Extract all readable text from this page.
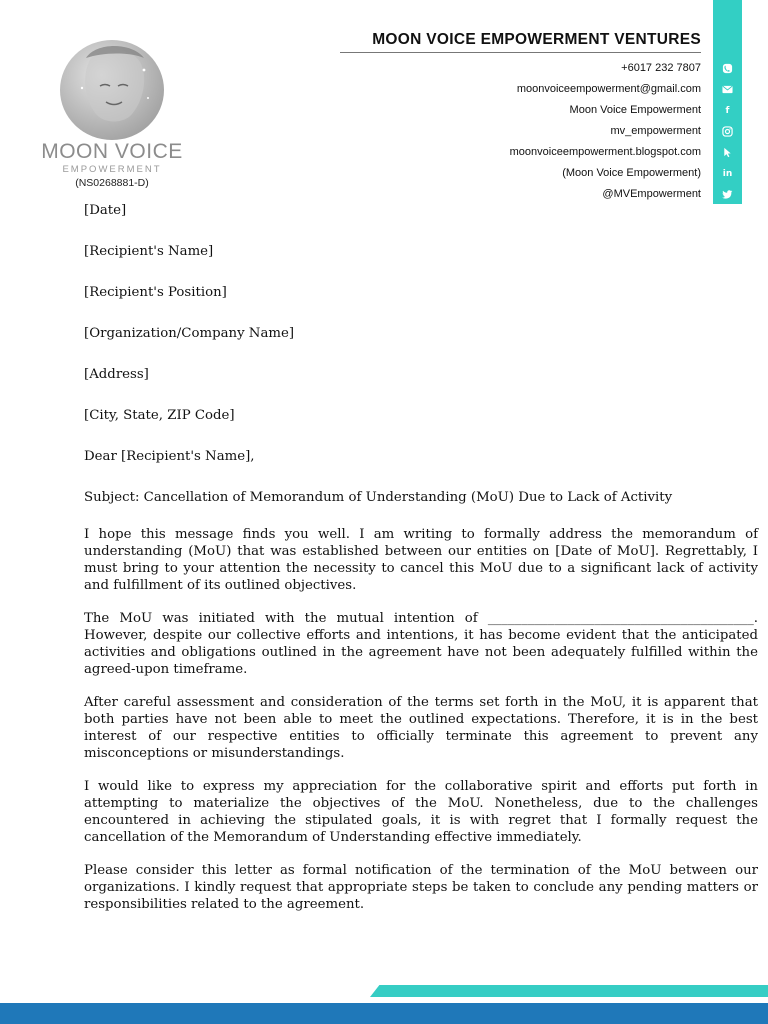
MOON VOICE
EMPOWERMENT
(NS0268881-D)
MOON VOICE EMPOWERMENT VENTURES
+6017 232 7807
moonvoiceempowerment@gmail.com
Moon Voice Empowerment
mv_empowerment
moonvoiceempowerment.blogspot.com
(Moon Voice Empowerment)
@MVEmpowerment
f
in

[Date]

[Recipient's Name]

[Recipient's Position]

[Organization/Company Name]

[Address]

[City, State, ZIP Code]

Dear [Recipient's Name],

Subject: Cancellation of Memorandum of Understanding (MoU) Due to Lack of Activity

I hope this message finds you well. I am writing to formally address the memorandum of understanding (MoU) that was established between our entities on [Date of MoU]. Regrettably, I must bring to your attention the necessity to cancel this MoU due to a significant lack of activity and fulfillment of its outlined objectives.

The MoU was initiated with the mutual intention of ________________________________________. However, despite our collective efforts and intentions, it has become evident that the anticipated activities and obligations outlined in the agreement have not been adequately fulfilled within the agreed-upon timeframe.

After careful assessment and consideration of the terms set forth in the MoU, it is apparent that both parties have not been able to meet the outlined expectations. Therefore, it is in the best interest of our respective entities to officially terminate this agreement to prevent any misconceptions or misunderstandings.

I would like to express my appreciation for the collaborative spirit and efforts put forth in attempting to materialize the objectives of the MoU. Nonetheless, due to the challenges encountered in achieving the stipulated goals, it is with regret that I formally request the cancellation of the Memorandum of Understanding effective immediately.

Please consider this letter as formal notification of the termination of the MoU between our organizations. I kindly request that appropriate steps be taken to conclude any pending matters or responsibilities related to the agreement.
